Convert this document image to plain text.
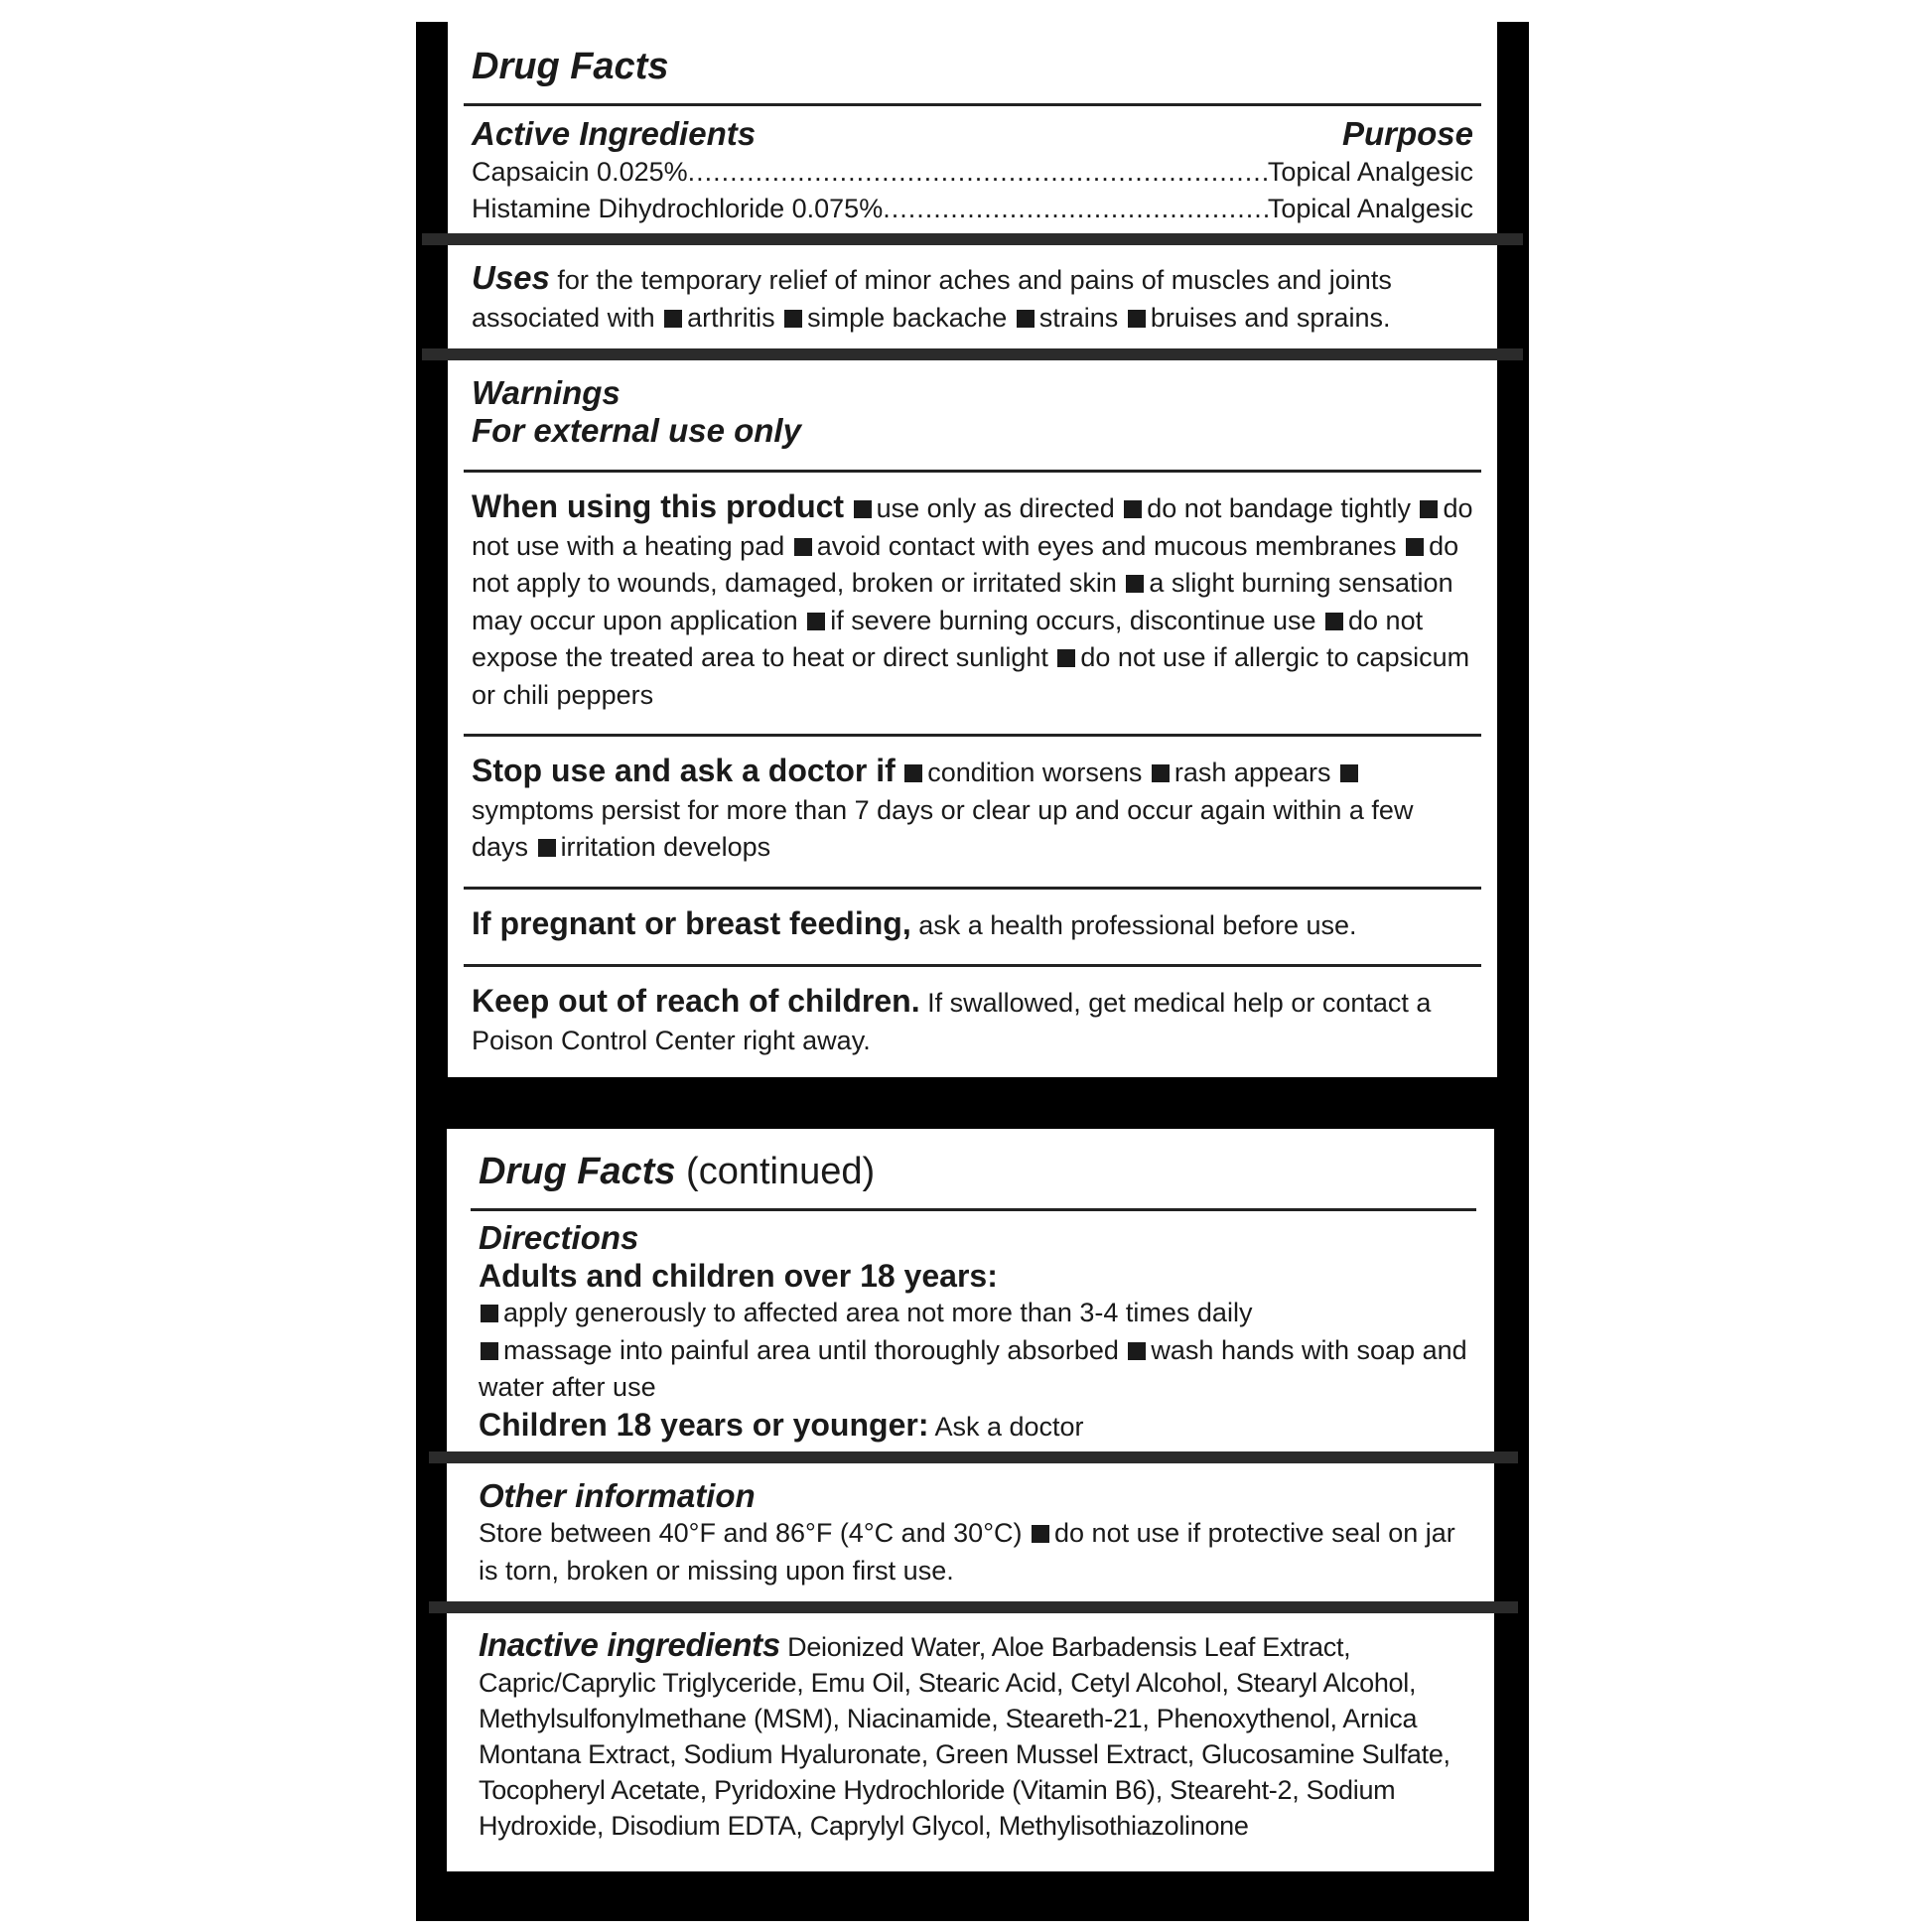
Drug Facts
Active Ingredients	Purpose
Capsaicin 0.025% .....	Topical Analgesic
Histamine Dihydrochloride 0.075% .....	Topical Analgesic
Uses for the temporary relief of minor aches and pains of muscles and joints associated with arthritis simple backache strains bruises and sprains.
Warnings
For external use only
When using this product use only as directed do not bandage tightly do not use with a heating pad avoid contact with eyes and mucous membranes do not apply to wounds, damaged, broken or irritated skin a slight burning sensation may occur upon application if severe burning occurs, discontinue use do not expose the treated area to heat or direct sunlight do not use if allergic to capsicum or chili peppers
Stop use and ask a doctor if condition worsens rash appears symptoms persist for more than 7 days or clear up and occur again within a few days irritation develops
If pregnant or breast feeding, ask a health professional before use.
Keep out of reach of children. If swallowed, get medical help or contact a Poison Control Center right away.
Drug Facts (continued)
Directions
Adults and children over 18 years:
apply generously to affected area not more than 3-4 times daily
massage into painful area until thoroughly absorbed wash hands with soap and water after use
Children 18 years or younger: Ask a doctor
Other information
Store between 40°F and 86°F (4°C and 30°C) do not use if protective seal on jar is torn, broken or missing upon first use.
Inactive ingredients Deionized Water, Aloe Barbadensis Leaf Extract, Capric/Caprylic Triglyceride, Emu Oil, Stearic Acid, Cetyl Alcohol, Stearyl Alcohol, Methylsulfonylmethane (MSM), Niacinamide, Steareth-21, Phenoxythenol, Arnica Montana Extract, Sodium Hyaluronate, Green Mussel Extract, Glucosamine Sulfate, Tocopheryl Acetate, Pyridoxine Hydrochloride (Vitamin B6), Steareht-2, Sodium Hydroxide, Disodium EDTA, Caprylyl Glycol, Methylisothiazolinone
